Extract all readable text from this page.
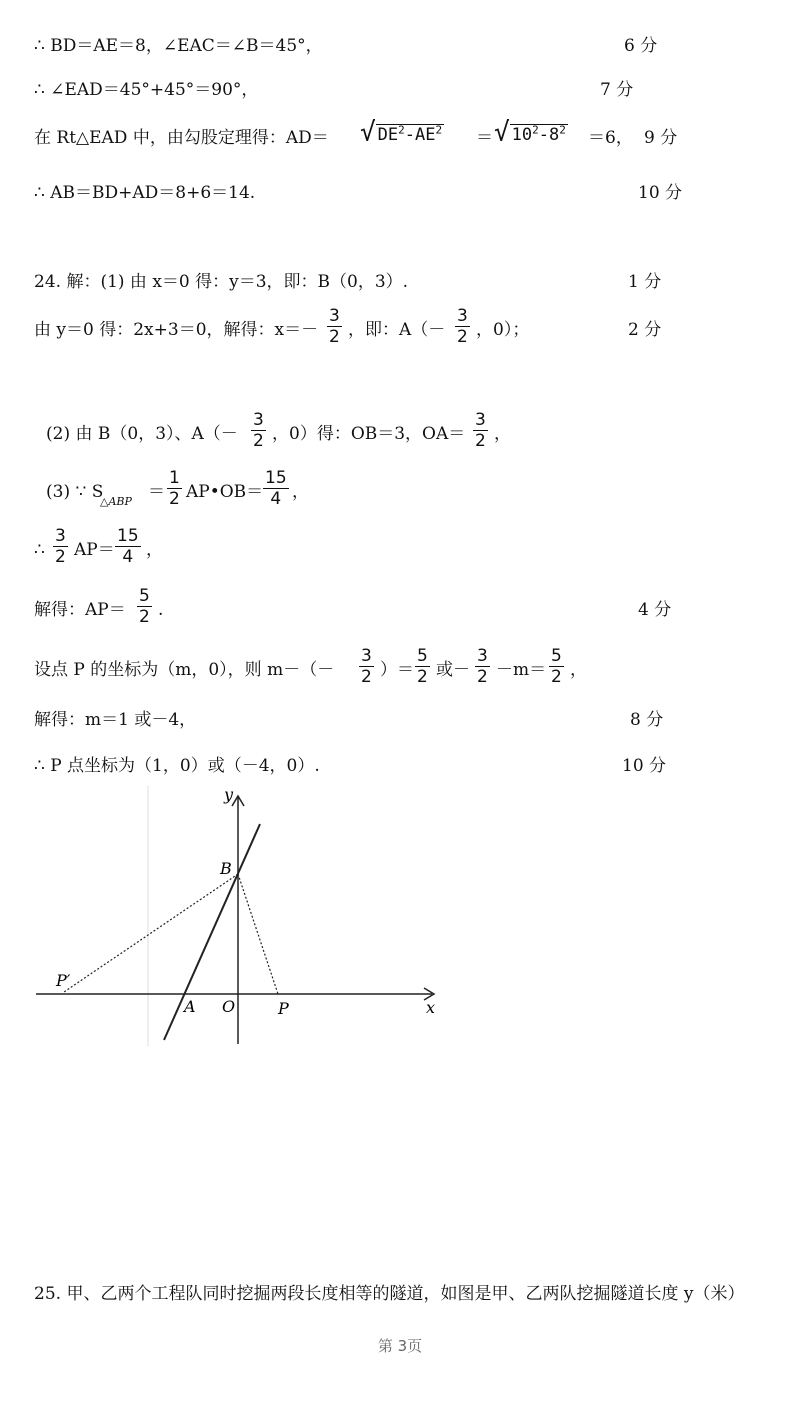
∴ BD＝AE＝8，∠EAC＝∠B＝45°，	6 分
∴ ∠EAD＝45°+45°＝90°，	7 分
在 Rt△EAD 中，由勾股定理得：AD＝ √ $DE^2-AE^2$ ＝ √ $10^2-8^2 =6$， 9 分
∴ AB＝BD+AD＝8+6＝14.	10 分
24. 解：(1) 由 x＝0 得：y＝3，即：B（0，3）.	1 分
由 y＝0 得：2x+3＝0，解得：$x=- \frac{3}{2}$ ，即：$A(- \frac{3}{2}$ ，0）；	2 分
(2) 由 B（0，3）、$A(- \frac{3}{2}$ ，0）得：OB＝3，$OA= \frac{3}{2}$ ，
(3) ∵ S
△ABP ＝ $\frac{1}{2}$ AP•OB＝ $\frac{15}{4}$ ，
∴ $\frac{3}{2} AP= \frac{15}{4}$ ，
解得：$AP= \frac{5}{2}$ .	4 分
设点 P 的坐标为（m，0），则 $m-(- \frac{3}{2}$ ）＝ $\frac{5}{2}$ 或－ $\frac{3}{2} -m= \frac{5}{2}$ ，
解得：m＝1 或－4，	8 分
∴ P 点坐标为（1，0）或（－4，0）.	10 分
y
x
B
A O	P
P′
25. 甲、乙两个工程队同时挖掘两段长度相等的隧道，如图是甲、乙两队挖掘隧道长度 y（米）
第 3页
